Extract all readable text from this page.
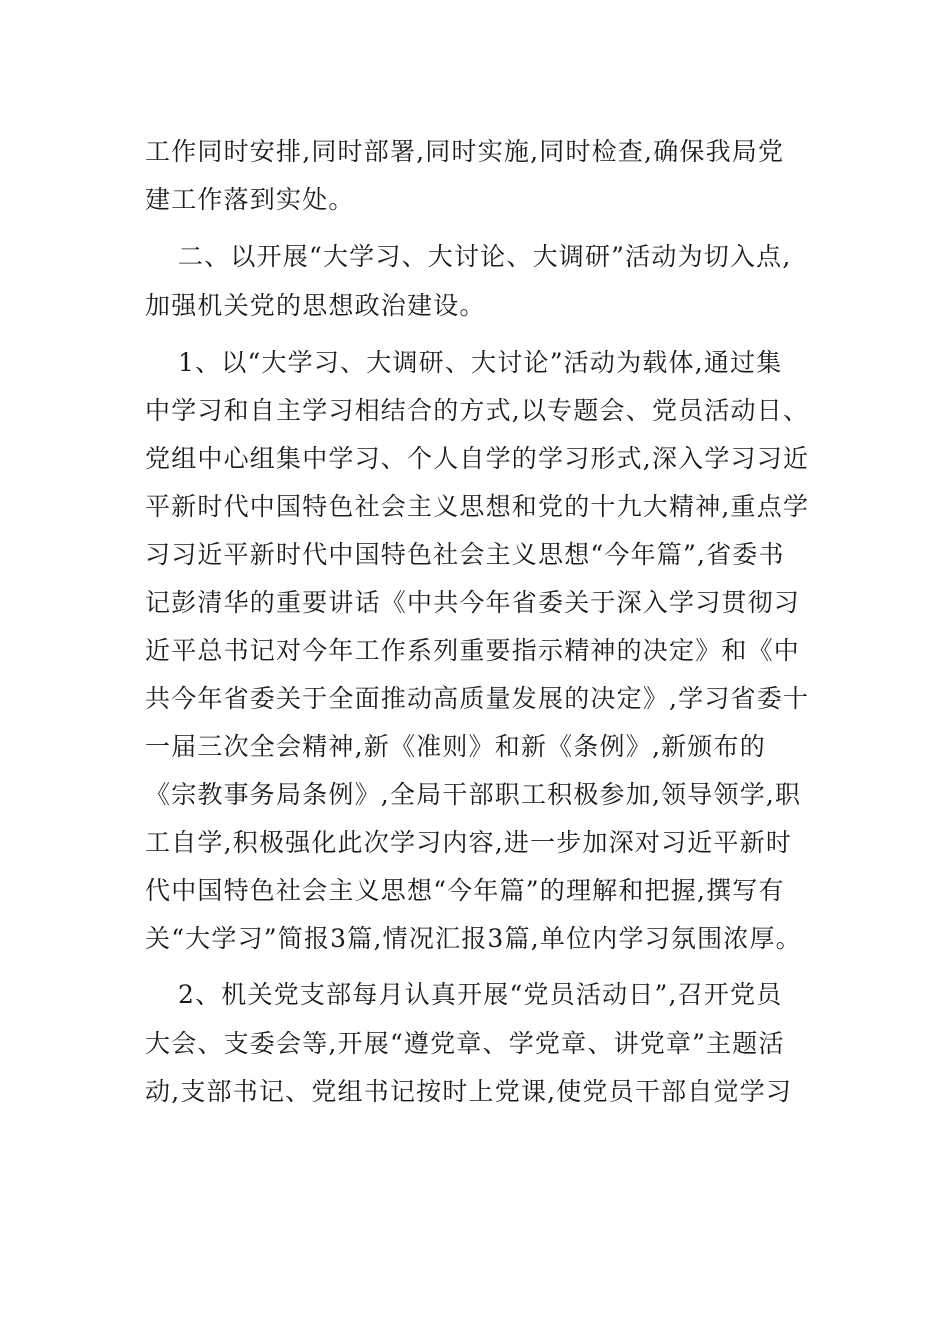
工作同时安排,同时部署,同时实施,同时检查,确保我局党
建工作落到实处。
二、以开展“大学习、大讨论、大调研”活动为切入点,
加强机关党的思想政治建设。
1、以“大学习、大调研、大讨论”活动为载体,通过集
中学习和自主学习相结合的方式,以专题会、党员活动日、
党组中心组集中学习、个人自学的学习形式,深入学习习近
平新时代中国特色社会主义思想和党的十九大精神,重点学
习习近平新时代中国特色社会主义思想“今年篇”,省委书
记彭清华的重要讲话《中共今年省委关于深入学习贯彻习
近平总书记对今年工作系列重要指示精神的决定》和《中
共今年省委关于全面推动高质量发展的决定》,学习省委十
一届三次全会精神,新《准则》和新《条例》,新颁布的
《宗教事务局条例》,全局干部职工积极参加,领导领学,职
工自学,积极强化此次学习内容,进一步加深对习近平新时
代中国特色社会主义思想“今年篇”的理解和把握,撰写有
关“大学习”简报3篇,情况汇报3篇,单位内学习氛围浓厚。
2、机关党支部每月认真开展“党员活动日”,召开党员
大会、支委会等,开展“遵党章、学党章、讲党章”主题活
动,支部书记、党组书记按时上党课,使党员干部自觉学习
